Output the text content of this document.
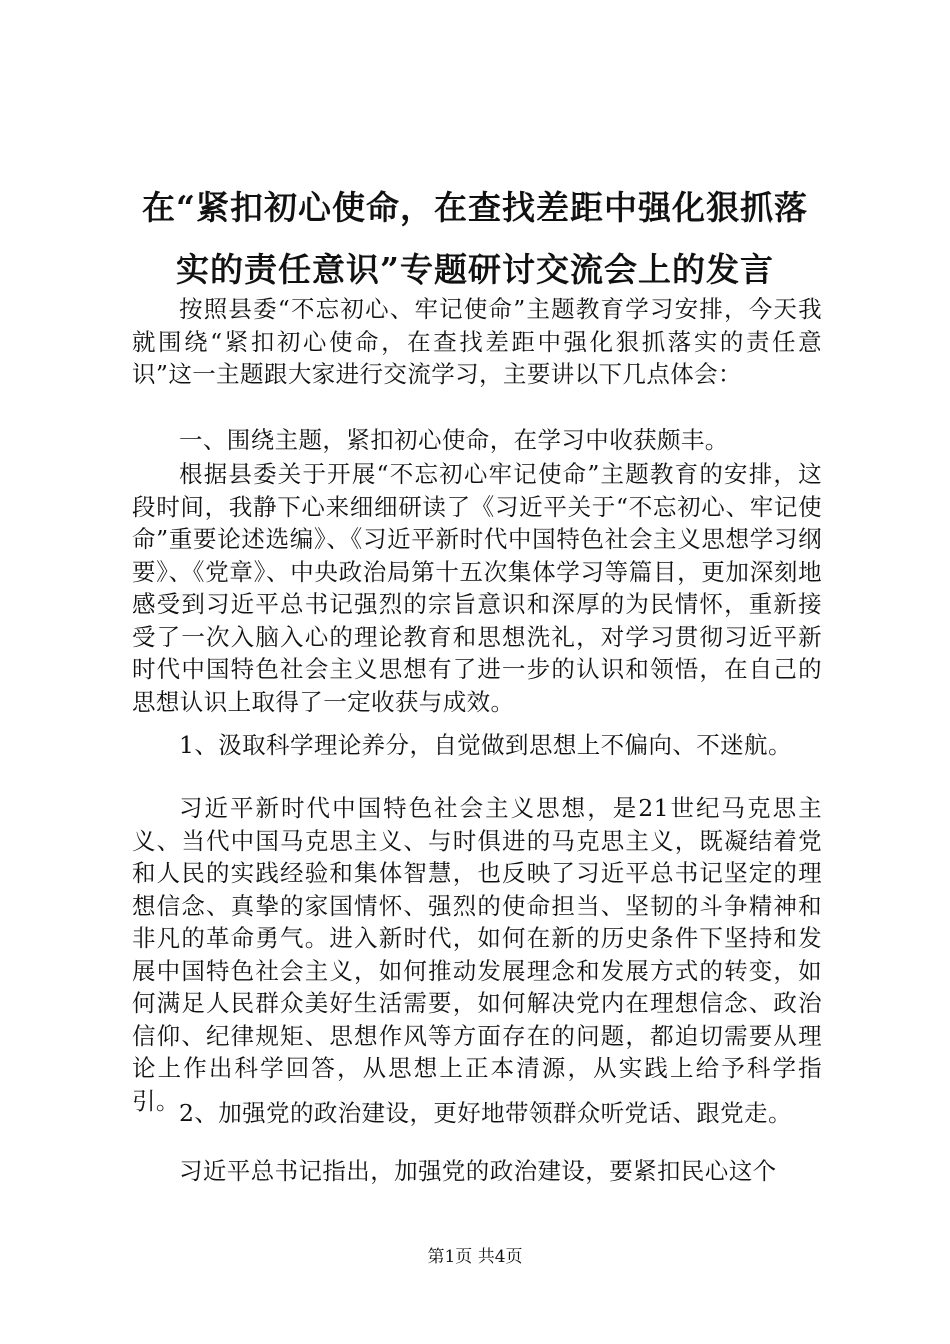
在“紧扣初心使命，在查找差距中强化狠抓落
实的责任意识”专题研讨交流会上的发言

按照县委“不忘初心、牢记使命”主题教育学习安排，今天我就围绕“紧扣初心使命，在查找差距中强化狠抓落实的责任意识”这一主题跟大家进行交流学习，主要讲以下几点体会：

一、围绕主题，紧扣初心使命，在学习中收获颇丰。

根据县委关于开展“不忘初心牢记使命”主题教育的安排，这段时间，我静下心来细细研读了《习近平关于“不忘初心、牢记使命”重要论述选编》、《习近平新时代中国特色社会主义思想学习纲要》、《党章》、中央政治局第十五次集体学习等篇目，更加深刻地感受到习近平总书记强烈的宗旨意识和深厚的为民情怀，重新接受了一次入脑入心的理论教育和思想洗礼，对学习贯彻习近平新时代中国特色社会主义思想有了进一步的认识和领悟，在自己的思想认识上取得了一定收获与成效。

1、汲取科学理论养分，自觉做到思想上不偏向、不迷航。

习近平新时代中国特色社会主义思想，是21世纪马克思主义、当代中国马克思主义、与时俱进的马克思主义，既凝结着党和人民的实践经验和集体智慧，也反映了习近平总书记坚定的理想信念、真挚的家国情怀、强烈的使命担当、坚韧的斗争精神和非凡的革命勇气。进入新时代，如何在新的历史条件下坚持和发展中国特色社会主义，如何推动发展理念和发展方式的转变，如何满足人民群众美好生活需要，如何解决党内在理想信念、政治信仰、纪律规矩、思想作风等方面存在的问题，都迫切需要从理论上作出科学回答，从思想上正本清源，从实践上给予科学指引。 2、加强党的政治建设，更好地带领群众听党话、跟党走。

习近平总书记指出，加强党的政治建设，要紧扣民心这个

第1页 共4页
